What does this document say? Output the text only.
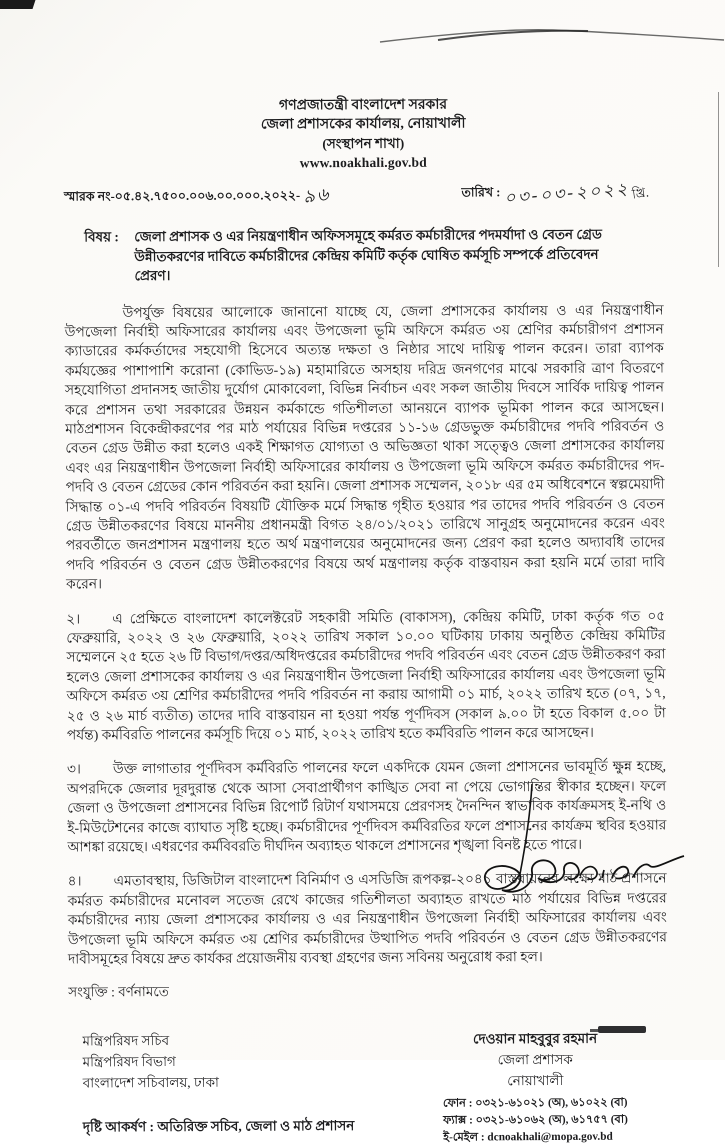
গণপ্রজাতন্ত্রী বাংলাদেশ সরকার
জেলা প্রশাসকের কার্যালয়, নোয়াখালী
(সংস্থাপন শাখা)
www.noakhali.gov.bd
স্মারক নং-০৫.৪২.৭৫০০.০০৬.০০.০০০.২০২২- ৯৬	তারিখ : ০৩-০৩-২০২২ খ্রি.
বিষয় :	জেলা প্রশাসক ও এর নিয়ন্ত্রণাধীন অফিসসমূহে কর্মরত কর্মচারীদের পদমর্যাদা ও বেতন গ্রেড উন্নীতকরণের দাবিতে কর্মচারীদের কেন্দ্রিয় কমিটি কর্তৃক ঘোষিত কর্মসূচি সম্পর্কে প্রতিবেদন প্রেরণ।

উপর্যুক্ত বিষয়ের আলোকে জানানো যাচ্ছে যে, জেলা প্রশাসকের কার্যালয় ও এর নিয়ন্ত্রণাধীন উপজেলা নির্বাহী অফিসারের কার্যালয় এবং উপজেলা ভূমি অফিসে কর্মরত ৩য় শ্রেণির কর্মচারীগণ প্রশাসন ক্যাডারের কর্মকর্তাদের সহযোগী হিসেবে অত্যন্ত দক্ষতা ও নিষ্ঠার সাথে দায়িত্ব পালন করেন। তারা ব্যাপক কর্মযজ্ঞের পাশাপাশি করোনা (কোভিড-১৯) মহামারিতে অসহায় দরিদ্র জনগণের মাঝে সরকারি ত্রাণ বিতরণে সহযোগিতা প্রদানসহ জাতীয় দুর্যোগ মোকাবেলা, বিভিন্ন নির্বাচন এবং সকল জাতীয় দিবসে সার্বিক দায়িত্ব পালন করে প্রশাসন তথা সরকারের উন্নয়ন কর্মকান্ডে গতিশীলতা আনয়নে ব্যাপক ভূমিকা পালন করে আসছেন। মাঠপ্রশাসন বিকেন্দ্রীকরণের পর মাঠ পর্যায়ের বিভিন্ন দপ্তরের ১১-১৬ গ্রেডভুক্ত কর্মচারীদের পদবি পরিবর্তন ও বেতন গ্রেড উন্নীত করা হলেও একই শিক্ষাগত যোগ্যতা ও অভিজ্ঞতা থাকা সত্ত্বেও জেলা প্রশাসকের কার্যালয় এবং এর নিয়ন্ত্রণাধীন উপজেলা নির্বাহী অফিসারের কার্যালয় ও উপজেলা ভূমি অফিসে কর্মরত কর্মচারীদের পদ-পদবি ও বেতন গ্রেডের কোন পরিবর্তন করা হয়নি। জেলা প্রশাসক সম্মেলন, ২০১৮ এর ৫ম অধিবেশনে স্বল্পমেয়াদী সিদ্ধান্ত ০১-এ পদবি পরিবর্তন বিষয়টি যৌক্তিক মর্মে সিদ্ধান্ত গৃহীত হওয়ার পর তাদের পদবি পরিবর্তন ও বেতন গ্রেড উন্নীতকরণের বিষয়ে মাননীয় প্রধানমন্ত্রী বিগত ২৪/০১/২০২১ তারিখে সানুগ্রহ অনুমোদনের করেন এবং পরবর্তীতে জনপ্রশাসন মন্ত্রণালয় হতে অর্থ মন্ত্রণালয়ের অনুমোদনের জন্য প্রেরণ করা হলেও অদ্যাবধি তাদের পদবি পরিবর্তন ও বেতন গ্রেড উন্নীতকরণের বিষয়ে অর্থ মন্ত্রণালয় কর্তৃক বাস্তবায়ন করা হয়নি মর্মে তারা দাবি করেন।

২। এ প্রেক্ষিতে বাংলাদেশ কালেক্টরেট সহকারী সমিতি (বাকাসস), কেন্দ্রিয় কমিটি, ঢাকা কর্তৃক গত ০৫ ফেব্রুয়ারি, ২০২২ ও ২৬ ফেব্রুয়ারি, ২০২২ তারিখ সকাল ১০.০০ ঘটিকায় ঢাকায় অনুষ্ঠিত কেন্দ্রিয় কমিটির সম্মেলনে ২৫ হতে ২৬ টি বিভাগ/দপ্তর/অধিদপ্তরের কর্মচারীদের পদবি পরিবর্তন এবং বেতন গ্রেড উন্নীতকরণ করা হলেও জেলা প্রশাসকের কার্যালয় ও এর নিয়ন্ত্রণাধীন উপজেলা নির্বাহী অফিসারের কার্যালয় এবং উপজেলা ভূমি অফিসে কর্মরত ৩য় শ্রেণির কর্মচারীদের পদবি পরিবর্তন না করায় আগামী ০১ মার্চ, ২০২২ তারিখ হতে (০৭, ১৭, ২৫ ও ২৬ মার্চ ব্যতীত) তাদের দাবি বাস্তবায়ন না হওয়া পর্যন্ত পূর্ণদিবস (সকাল ৯.০০ টা হতে বিকাল ৫.০০ টা পর্যন্ত) কর্মবিরতি পালনের কর্মসূচি দিয়ে ০১ মার্চ, ২০২২ তারিখ হতে কর্মবিরতি পালন করে আসছেন।

৩। উক্ত লাগাতার পূর্ণদিবস কর্মবিরতি পালনের ফলে একদিকে যেমন জেলা প্রশাসনের ভাবমূর্তি ক্ষুন্ন হচ্ছে, অপরদিকে জেলার দূরদুরান্ত থেকে আসা সেবাপ্রার্থীগণ কাঙ্খিত সেবা না পেয়ে ভোগান্তির স্বীকার হচ্ছেন। ফলে জেলা ও উপজেলা প্রশাসনের বিভিন্ন রিপোর্ট রিটার্ণ যথাসময়ে প্রেরণসহ দৈনন্দিন স্বাভাবিক কার্যক্রমসহ ই-নথি ও ই-মিউটেশনের কাজে ব্যাঘাত সৃষ্টি হচ্ছে। কর্মচারীদের পূর্ণদিবস কর্মবিরতির ফলে প্রশাসনের কার্যক্রম স্থবির হওয়ার আশঙ্কা রয়েছে। এধরণের কর্মবিবরতি দীর্ঘদিন অব্যাহত থাকলে প্রশাসনের শৃঙ্খলা বিনষ্ট হতে পারে।

৪। এমতাবস্থায়, ডিজিটাল বাংলাদেশ বিনির্মাণ ও এসডিজি রূপকল্প-২০৪১ বাস্তবায়নের লক্ষ্যে মাঠ প্রশাসনে কর্মরত কর্মচারীদের মনোবল সতেজ রেখে কাজের গতিশীলতা অব্যাহত রাখতে মাঠ পর্যায়ের বিভিন্ন দপ্তরের কর্মচারীদের ন্যায় জেলা প্রশাসকের কার্যালয় ও এর নিয়ন্ত্রণাধীন উপজেলা নির্বাহী অফিসারের কার্যালয় এবং উপজেলা ভূমি অফিসে কর্মরত ৩য় শ্রেণির কর্মচারীদের উত্থাপিত পদবি পরিবর্তন ও বেতন গ্রেড উন্নীতকরণের দাবীসমূহের বিষয়ে দ্রুত কার্যকর প্রয়োজনীয় ব্যবস্থা গ্রহণের জন্য সবিনয় অনুরোধ করা হল।

সংযুক্তি : বর্ণনামতে
মন্ত্রিপরিষদ সচিব
মন্ত্রিপরিষদ বিভাগ
বাংলাদেশ সচিবালয়, ঢাকা
দৃষ্টি আকর্ষণ : অতিরিক্ত সচিব, জেলা ও মাঠ প্রশাসন
দেওয়ান মাহবুবুর রহমান
জেলা প্রশাসক
নোয়াখালী
ফোন : ০৩২১-৬১০২১ (অ), ৬১০২২ (বা)
ফ্যাক্স : ০৩২১-৬১০৬২ (অ), ৬১৭৫৭ (বা)
ই-মেইল : dcnoakhali@mopa.gov.bd
